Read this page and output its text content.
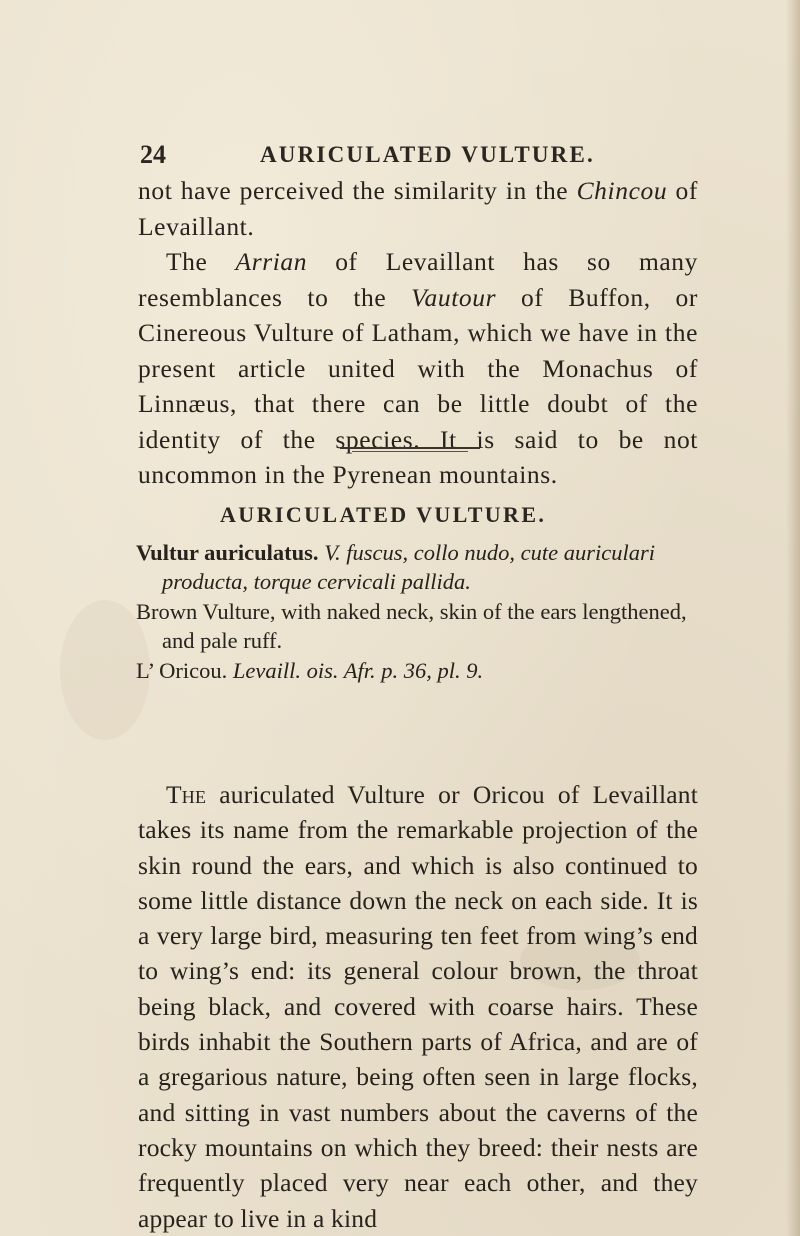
24	AURICULATED VULTURE.

not have perceived the similarity in the Chincou of Levaillant.

The Arrian of Levaillant has so many resemblances to the Vautour of Buffon, or Cinereous Vulture of Latham, which we have in the present article united with the Monachus of Linnæus, that there can be little doubt of the identity of the species. It is said to be not uncommon in the Pyrenean mountains.

AURICULATED VULTURE.

Vultur auriculatus. V. fuscus, collo nudo, cute auriculari producta, torque cervicali pallida.

Brown Vulture, with naked neck, skin of the ears lengthened, and pale ruff.

L’ Oricou. Levaill. ois. Afr. p. 36, pl. 9.

The auriculated Vulture or Oricou of Levaillant takes its name from the remarkable projection of the skin round the ears, and which is also continued to some little distance down the neck on each side. It is a very large bird, measuring ten feet from wing’s end to wing’s end: its general colour brown, the throat being black, and covered with coarse hairs. These birds inhabit the Southern parts of Africa, and are of a gregarious nature, being often seen in large flocks, and sitting in vast numbers about the caverns of the rocky mountains on which they breed: their nests are frequently placed very near each other, and they appear to live in a kind
